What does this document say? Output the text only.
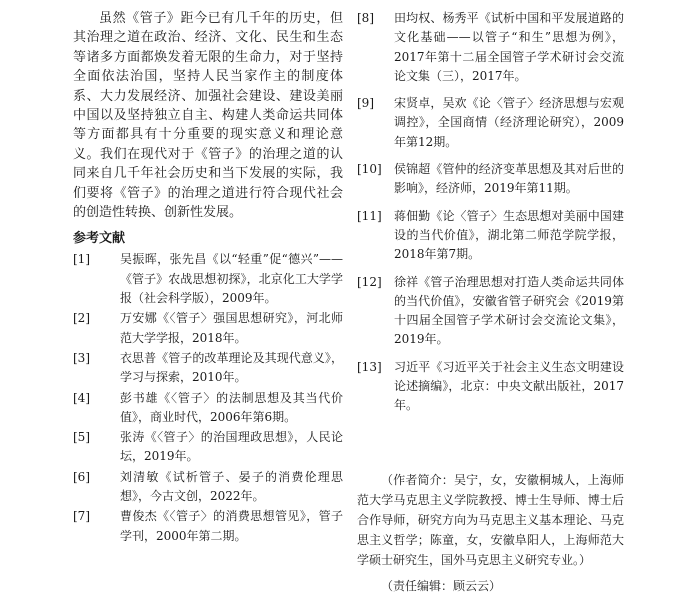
虽然《管子》距今已有几千年的历史，但其治理之道在政治、经济、文化、民生和生态等诸多方面都焕发着无限的生命力，对于坚持全面依法治国，坚持人民当家作主的制度体系、大力发展经济、加强社会建设、建设美丽中国以及坚持独立自主、构建人类命运共同体等方面都具有十分重要的现实意义和理论意义。我们在现代对于《管子》的治理之道的认同来自几千年社会历史和当下发展的实际，我们要将《管子》的治理之道进行符合现代社会的创造性转换、创新性发展。

参考文献
[1]	吴振晖，张先昌《以“轻重”促“德兴”——《管子》农战思想初探》，北京化工大学学报（社会科学版），2009年。
[2]	万安娜《〈管子〉强国思想研究》，河北师范大学学报，2018年。
[3]	衣思普《管子的改革理论及其现代意义》，学习与探索，2010年。
[4]	彭书雄《〈管子〉的法制思想及其当代价值》，商业时代，2006年第6期。
[5]	张涛《〈管子〉的治国理政思想》，人民论坛，2019年。
[6]	刘清敏《试析管子、晏子的消费伦理思想》，今古文创，2022年。
[7]	曹俊杰《〈管子〉的消费思想管见》，管子学刊，2000年第二期。
[8] 田均权、杨秀平《试析中国和平发展道路的文化基础——以管子“和生”思想为例》，2017年第十二届全国管子学术研讨会交流论文集（三），2017年。
[9] 宋贤卓，吴欢《论〈管子〉经济思想与宏观调控》，全国商情（经济理论研究），2009年第12期。
[10] 侯锦超《管仲的经济变革思想及其对后世的影响》，经济师，2019年第11期。
[11] 蒋佃勤《论〈管子〉生态思想对美丽中国建设的当代价值》，湖北第二师范学院学报，2018年第7期。
[12] 徐祥《管子治理思想对打造人类命运共同体的当代价值》，安徽省管子研究会《2019第十四届全国管子学术研讨会交流论文集》，2019年。
[13] 习近平《习近平关于社会主义生态文明建设论述摘编》，北京：中央文献出版社，2017年。

（作者简介：吴宁，女，安徽桐城人，上海师范大学马克思主义学院教授、博士生导师、博士后合作导师，研究方向为马克思主义基本理论、马克思主义哲学；陈童，女，安徽阜阳人，上海师范大学硕士研究生，国外马克思主义研究专业。）

（责任编辑：顾云云）
